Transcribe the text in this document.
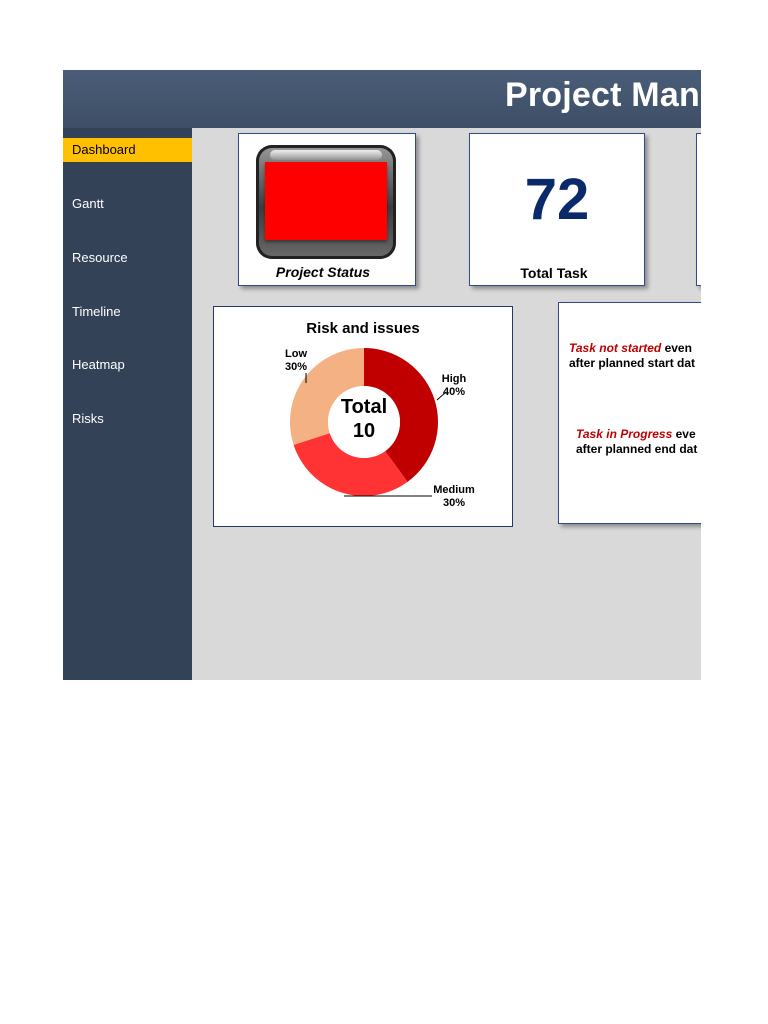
Project Man
Dashboard
Gantt
Resource
Timeline
Heatmap
Risks
Project Status
72
Total Task
Risk and issues
Total
10
High
40%
Medium
30%
Low
30%
Task not started even
after planned start dat
Task in Progress eve
after planned end dat
